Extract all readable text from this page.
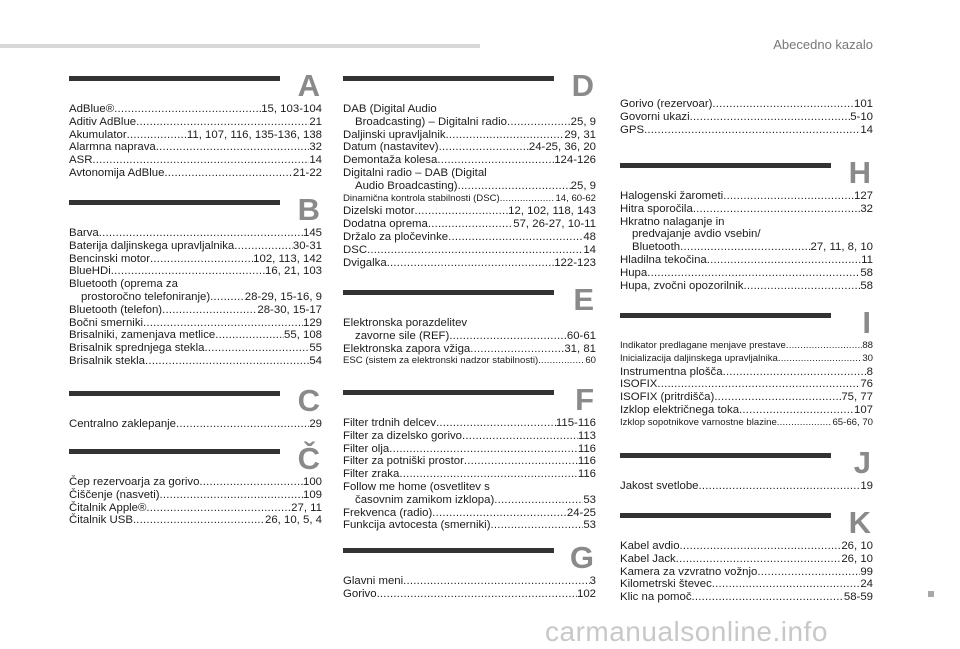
Abecedno kazalo
A
AdBlue® .....	15, 103-104
Aditiv AdBlue .....	21
Akumulator .....	11, 107, 116, 135-136, 138
Alarmna naprava .....	32
ASR .....	14
Avtonomija AdBlue .....	21-22
B
Barva .....	145
Baterija daljinskega upravljalnika .....	30-31
Bencinski motor .....	102, 113, 142
BlueHDi .....	16, 21, 103
Bluetooth (oprema za
prostoročno telefoniranje) .....	28-29, 15-16, 9
Bluetooth (telefon) .....	28-30, 15-17
Bočni smerniki .....	129
Brisalniki, zamenjava metlice .....	55, 108
Brisalnik sprednjega stekla .....	55
Brisalnik stekla .....	54
C
Centralno zaklepanje .....	29
Č
Čep rezervoarja za gorivo .....	100
Čiščenje (nasveti) .....	109
Čitalnik Apple® .....	27, 11
Čitalnik USB .....	26, 10, 5, 4
D
DAB (Digital Audio
Broadcasting) – Digitalni radio .....	25, 9
Daljinski upravljalnik .....	29, 31
Datum (nastavitev) .....	24-25, 36, 20
Demontaža kolesa .....	124-126
Digitalni radio – DAB (Digital
Audio Broadcasting) .....	25, 9
Dinamična kontrola stabilnosti (DSC) .....	14, 60-62
Dizelski motor .....	12, 102, 118, 143
Dodatna oprema .....	57, 26-27, 10-11
Držalo za pločevinke .....	48
DSC .....	14
Dvigalka .....	122-123
E
Elektronska porazdelitev
zavorne sile (REF) .....	60-61
Elektronska zapora vžiga .....	31, 81
ESC (sistem za elektronski nadzor stabilnosti) .....	60
F
Filter trdnih delcev .....	115-116
Filter za dizelsko gorivo .....	113
Filter olja .....	116
Filter za potniški prostor .....	116
Filter zraka .....	116
Follow me home (osvetlitev s
časovnim zamikom izklopa) .....	53
Frekvenca (radio) .....	24-25
Funkcija avtocesta (smerniki) .....	53
G
Glavni meni .....	3
Gorivo .....	102
Gorivo (rezervoar) .....	101
Govorni ukazi .....	5-10
GPS .....	14
H
Halogenski žarometi .....	127
Hitra sporočila .....	32
Hkratno nalaganje in
predvajanje avdio vsebin/
Bluetooth .....	27, 11, 8, 10
Hladilna tekočina .....	11
Hupa .....	58
Hupa, zvočni opozorilnik .....	58
I
Indikator predlagane menjave prestave .....	88
Inicializacija daljinskega upravljalnika .....	30
Instrumentna plošča .....	8
ISOFIX .....	76
ISOFIX (pritrdišča) .....	75, 77
Izklop električnega toka .....	107
Izklop sopotnikove varnostne blazine .....	65-66, 70
J
Jakost svetlobe .....	19
K
Kabel avdio .....	26, 10
Kabel Jack .....	26, 10
Kamera za vzvratno vožnjo .....	99
Kilometrski števec .....	24
Klic na pomoč .....	58-59
carmanualsonline.info
